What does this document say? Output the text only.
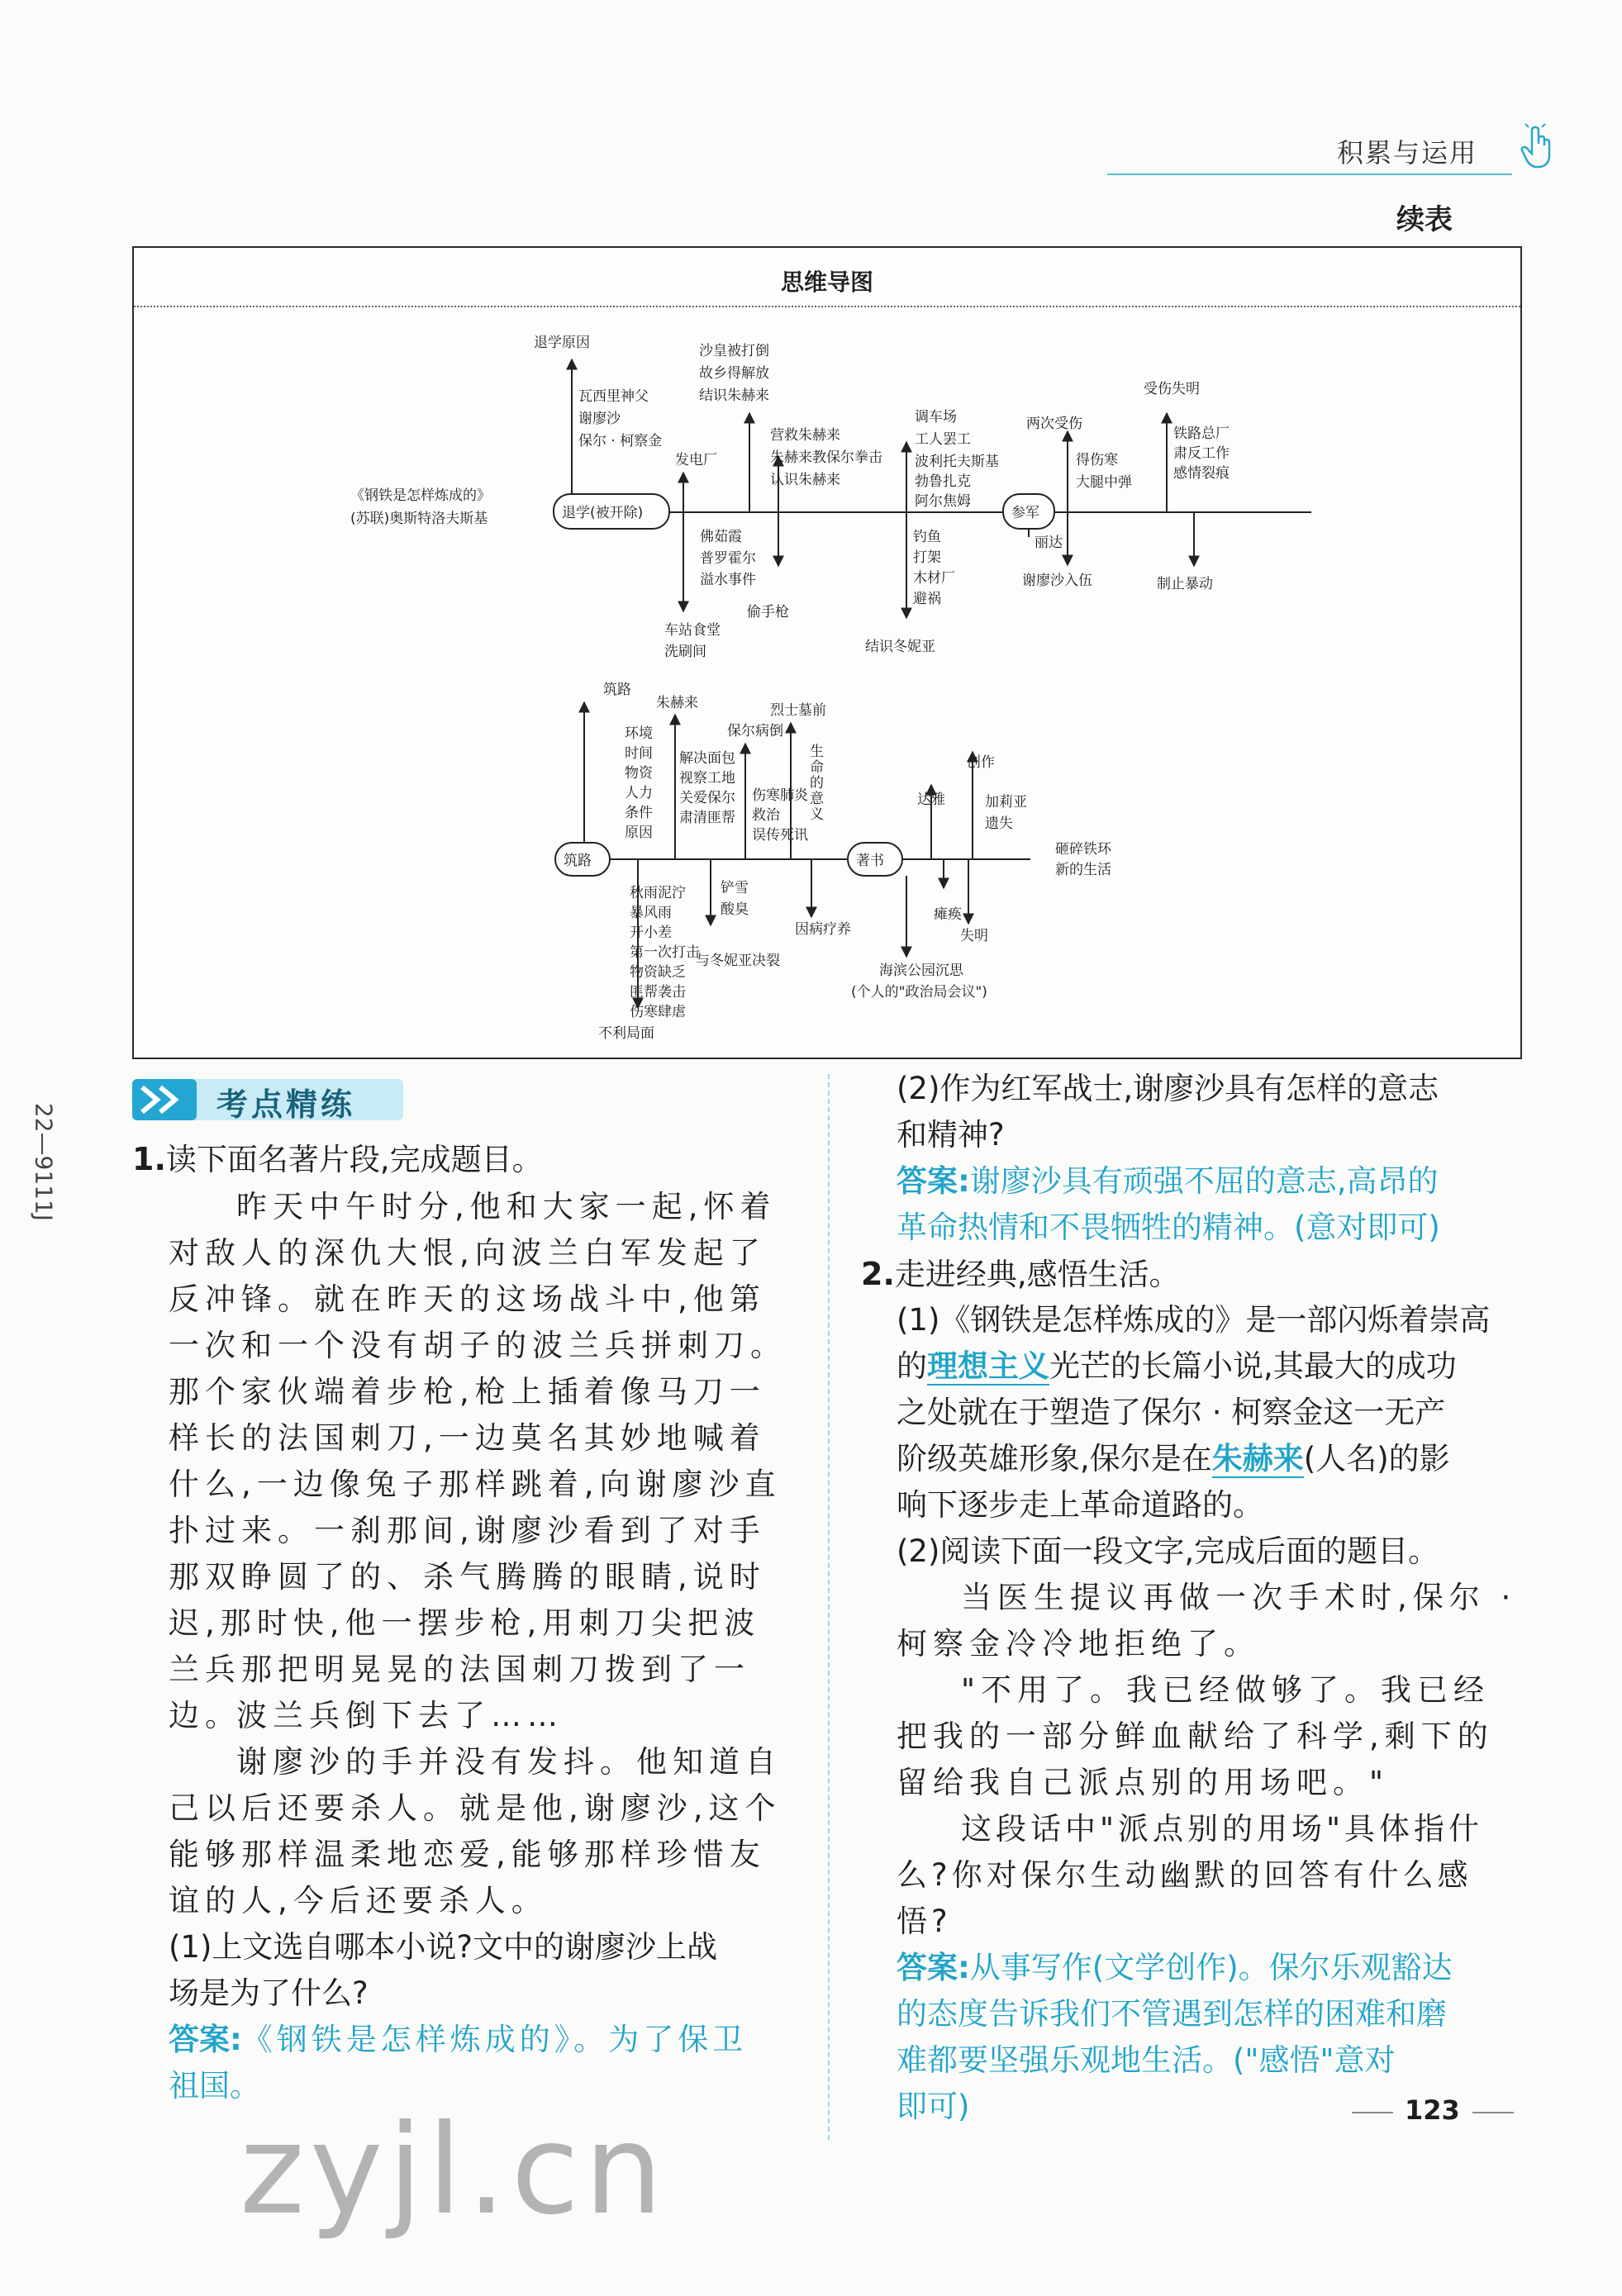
积累与运用
续表
思维导图
《钢铁是怎样炼成的》
(苏联)奥斯特洛夫斯基	退学(被开除)	参军
退学原因
瓦西里神父
谢廖沙
保尔 · 柯察金
发电厂
沙皇被打倒
故乡得解放
结识朱赫来
营救朱赫来
朱赫来教保尔拳击
认识朱赫来
调车场
工人罢工
波利托夫斯基
勃鲁扎克
阿尔焦姆
两次受伤
得伤寒
大腿中弹
受伤失明
铁路总厂
肃反工作
感情裂痕
佛茹霞
普罗霍尔
溢水事件
车站食堂
洗刷间
偷手枪
钓鱼
打架
木材厂
避祸
结识冬妮亚
丽达
谢廖沙入伍	制止暴动
筑路	著书
筑路
环境
时间
物资
人力
条件
原因
朱赫来
解决面包
视察工地
关爱保尔
肃清匪帮
保尔病倒
伤寒肺炎
救治
误传死讯
烈士墓前
生命的意义	达雅
创作
加莉亚
遗失
砸碎铁环
新的生活
秋雨泥泞
暴风雨
开小差
第一次打击
物资缺乏
匪帮袭击
伤寒肆虐
不利局面
铲雪
酸臭
与冬妮亚决裂
因病疗养
瘫痪
失明
海滨公园沉思
(个人的"政治局会议")
22—9111J	考点精练
1.读下面名著片段,完成题目。
昨天中午时分,他和大家一起,怀着对敌人的深仇大恨,向波兰白军发起了反冲锋。就在昨天的这场战斗中,他第一次和一个没有胡子的波兰兵拼刺刀。那个家伙端着步枪,枪上插着像马刀一样长的法国刺刀,一边莫名其妙地喊着什么,一边像兔子那样跳着,向谢廖沙直扑过来。一刹那间,谢廖沙看到了对手那双睁圆了的、杀气腾腾的眼睛,说时迟,那时快,他一摆步枪,用刺刀尖把波兰兵那把明晃晃的法国刺刀拨到了一边。
波兰兵倒下去了……
谢廖沙的手并没有发抖。他知道自己以后还要杀人。就是他,谢廖沙,这个能够那样温柔地恋爱,能够那样珍惜友谊的人,今后还要杀人。
(1)上文选自哪本小说?文中的谢廖沙上战
场是为了什么?
答案:《钢铁是怎样炼成的》。为了保卫
祖国。
(2)作为红军战士,谢廖沙具有怎样的意志
和精神?
答案:谢廖沙具有顽强不屈的意志,高昂的
革命热情和不畏牺牲的精神。(意对即可)
2.走进经典,感悟生活。
(1)《钢铁是怎样炼成的》是一部闪烁着崇高
的理想主义光芒的长篇小说,其最大的成功
之处就在于塑造了保尔 · 柯察金这一无产
阶级英雄形象,保尔是在朱赫来(人名)的影
响下逐步走上革命道路的。
(2)阅读下面一段文字,完成后面的题目。
当医生提议再做一次手术时,保尔 · 柯察金冷冷地拒绝了。
"不用了。我已经做够了。我已经把我的一部分鲜血献给了科学,剩下的留给我自己派点别的用场吧。"
这段话中"派点别的用场"具体指什么?你对保尔生动幽默的回答有什么感悟?
答案:从事写作(文学创作)。保尔乐观豁达
的态度告诉我们不管遇到怎样的困难和磨
难都要坚强乐观地生活。("感悟"意对
即可)	123
zyjl.cn
